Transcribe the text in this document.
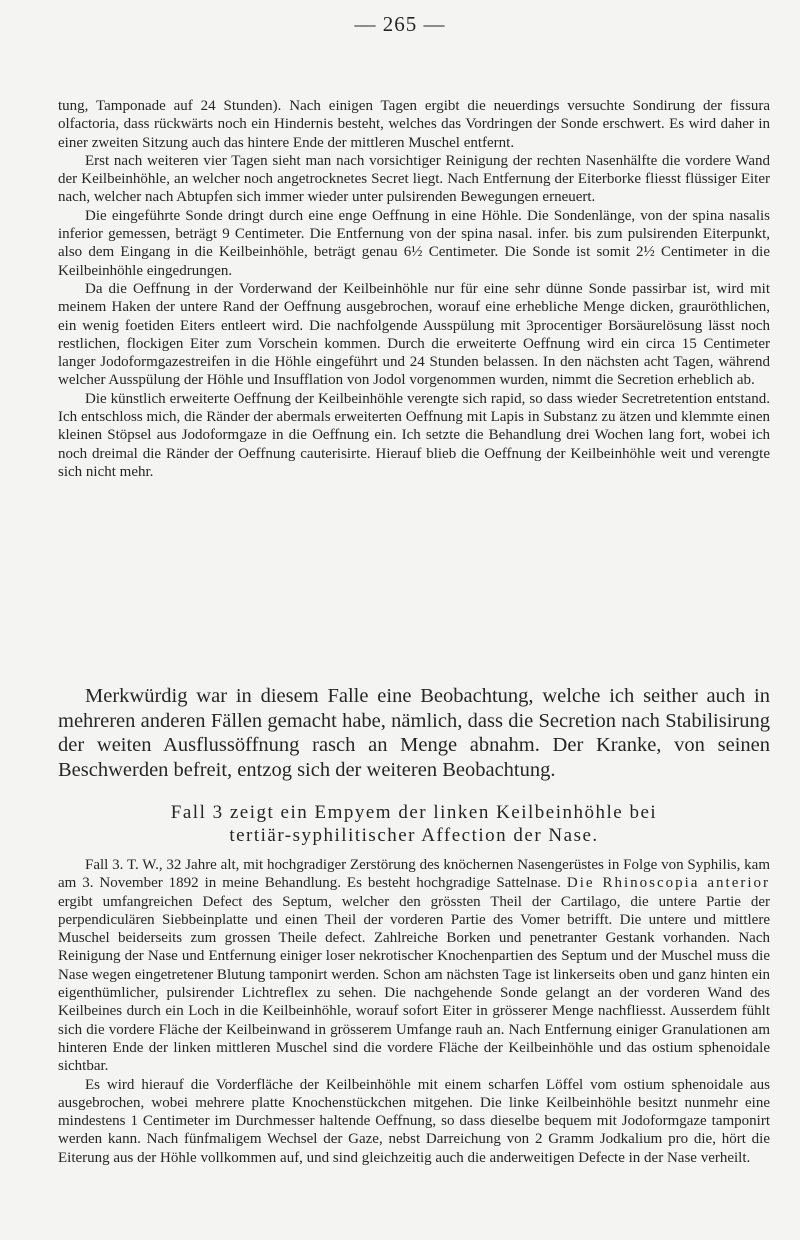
— 265 —

tung, Tamponade auf 24 Stunden). Nach einigen Tagen ergibt die neuerdings versuchte Sondirung der fissura olfactoria, dass rückwärts noch ein Hindernis besteht, welches das Vordringen der Sonde erschwert. Es wird daher in einer zweiten Sitzung auch das hintere Ende der mittleren Muschel entfernt.

Erst nach weiteren vier Tagen sieht man nach vorsichtiger Reinigung der rechten Nasenhälfte die vordere Wand der Keilbeinhöhle, an welcher noch angetrocknetes Secret liegt. Nach Entfernung der Eiterborke fliesst flüssiger Eiter nach, welcher nach Abtupfen sich immer wieder unter pulsirenden Bewegungen erneuert.

Die eingeführte Sonde dringt durch eine enge Oeffnung in eine Höhle. Die Sondenlänge, von der spina nasalis inferior gemessen, beträgt 9 Centimeter. Die Entfernung von der spina nasal. infer. bis zum pulsirenden Eiterpunkt, also dem Eingang in die Keilbeinhöhle, beträgt genau 6½ Centimeter. Die Sonde ist somit 2½ Centimeter in die Keilbeinhöhle eingedrungen.

Da die Oeffnung in der Vorderwand der Keilbeinhöhle nur für eine sehr dünne Sonde passirbar ist, wird mit meinem Haken der untere Rand der Oeffnung ausgebrochen, worauf eine erhebliche Menge dicken, grauröthlichen, ein wenig foetiden Eiters entleert wird. Die nachfolgende Ausspülung mit 3procentiger Borsäurelösung lässt noch restlichen, flockigen Eiter zum Vorschein kommen. Durch die erweiterte Oeffnung wird ein circa 15 Centimeter langer Jodoformgazestreifen in die Höhle eingeführt und 24 Stunden belassen. In den nächsten acht Tagen, während welcher Ausspülung der Höhle und Insufflation von Jodol vorgenommen wurden, nimmt die Secretion erheblich ab.

Die künstlich erweiterte Oeffnung der Keilbeinhöhle verengte sich rapid, so dass wieder Secretretention entstand. Ich entschloss mich, die Ränder der abermals erweiterten Oeffnung mit Lapis in Substanz zu ätzen und klemmte einen kleinen Stöpsel aus Jodoformgaze in die Oeffnung ein. Ich setzte die Behandlung drei Wochen lang fort, wobei ich noch dreimal die Ränder der Oeffnung cauterisirte. Hierauf blieb die Oeffnung der Keilbeinhöhle weit und verengte sich nicht mehr.

Merkwürdig war in diesem Falle eine Beobachtung, welche ich seither auch in mehreren anderen Fällen gemacht habe, nämlich, dass die Secretion nach Stabilisirung der weiten Ausflussöffnung rasch an Menge abnahm. Der Kranke, von seinen Beschwerden befreit, entzog sich der weiteren Beobachtung.
Fall 3 zeigt ein Empyem der linken Keilbeinhöhle bei
tertiär-syphilitischer Affection der Nase.

Fall 3. T. W., 32 Jahre alt, mit hochgradiger Zerstörung des knöchernen Nasengerüstes in Folge von Syphilis, kam am 3. November 1892 in meine Behandlung. Es besteht hochgradige Sattelnase. Die Rhinoscopia anterior ergibt umfangreichen Defect des Septum, welcher den grössten Theil der Cartilago, die untere Partie der perpendiculären Siebbeinplatte und einen Theil der vorderen Partie des Vomer betrifft. Die untere und mittlere Muschel beiderseits zum grossen Theile defect. Zahlreiche Borken und penetranter Gestank vorhanden. Nach Reinigung der Nase und Entfernung einiger loser nekrotischer Knochenpartien des Septum und der Muschel muss die Nase wegen eingetretener Blutung tamponirt werden. Schon am nächsten Tage ist linkerseits oben und ganz hinten ein eigenthümlicher, pulsirender Lichtreflex zu sehen. Die nachgehende Sonde gelangt an der vorderen Wand des Keilbeines durch ein Loch in die Keilbeinhöhle, worauf sofort Eiter in grösserer Menge nachfliesst. Ausserdem fühlt sich die vordere Fläche der Keilbeinwand in grösserem Umfange rauh an. Nach Entfernung einiger Granulationen am hinteren Ende der linken mittleren Muschel sind die vordere Fläche der Keilbeinhöhle und das ostium sphenoidale sichtbar.

Es wird hierauf die Vorderfläche der Keilbeinhöhle mit einem scharfen Löffel vom ostium sphenoidale aus ausgebrochen, wobei mehrere platte Knochenstückchen mitgehen. Die linke Keilbeinhöhle besitzt nunmehr eine mindestens 1 Centimeter im Durchmesser haltende Oeffnung, so dass dieselbe bequem mit Jodoformgaze tamponirt werden kann. Nach fünfmaligem Wechsel der Gaze, nebst Darreichung von 2 Gramm Jodkalium pro die, hört die Eiterung aus der Höhle vollkommen auf, und sind gleichzeitig auch die anderweitigen Defecte in der Nase verheilt.
